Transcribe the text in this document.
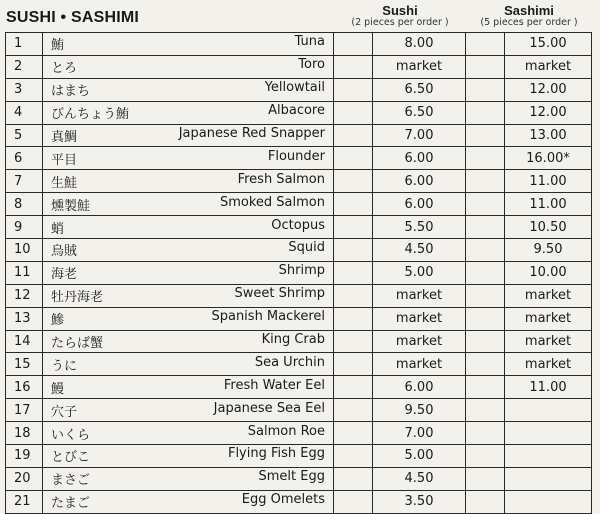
SUSHI • SASHIMI	Sushi
(2 pieces per order )
Sashimi
(5 pieces per order )
1	鮪 Tuna		8.00		15.00
2	とろ Toro		market		market
3	はまち Yellowtail		6.50		12.00
4	びんちょう鮪 Albacore		6.50		12.00
5	真鯛 Japanese Red Snapper		7.00		13.00
6	平目 Flounder		6.00		16.00*
7	生鮭 Fresh Salmon		6.00		11.00
8	燻製鮭 Smoked Salmon		6.00		11.00
9	蛸 Octopus		5.50		10.50
10	烏賊 Squid		4.50		9.50
11	海老 Shrimp		5.00		10.00
12	牡丹海老 Sweet Shrimp		market		market
13	鰺 Spanish Mackerel		market		market
14	たらば蟹 King Crab		market		market
15	うに Sea Urchin		market		market
16	鰻 Fresh Water Eel		6.00		11.00
17	穴子 Japanese Sea Eel		9.50		
18	いくら Salmon Roe		7.00		
19	とびこ Flying Fish Egg		5.00		
20	まさご Smelt Egg		4.50		
21	たまご Egg Omelets		3.50		
